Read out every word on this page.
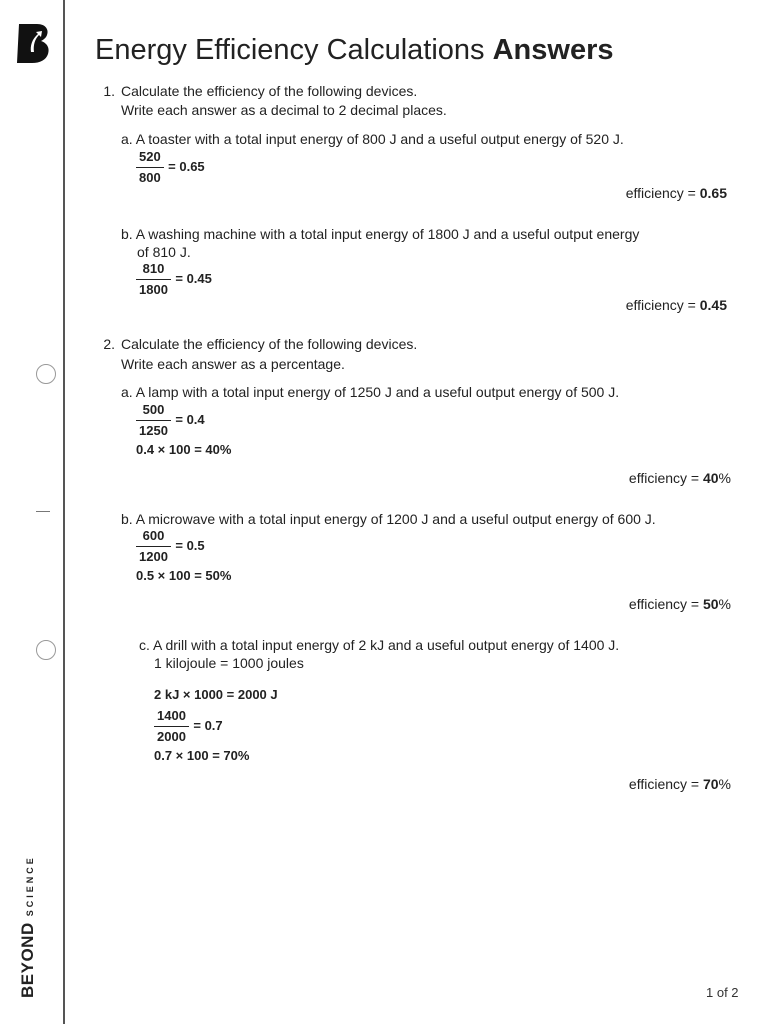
BEYONDSCIENCE
Energy Efficiency Calculations Answers
1. Calculate the efficiency of the following devices.
Write each answer as a decimal to 2 decimal places.
a. A toaster with a total input energy of 800 J and a useful output energy of 520 J.
$\frac{520}{800} ^{= 0.65}$
efficiency = 0.65
b. A washing machine with a total input energy of 1800 J and a useful output energy
of 810 J.
$\frac{810}{1800} ^{= 0.45}$
efficiency = 0.45
2. Calculate the efficiency of the following devices.
Write each answer as a percentage.
a. A lamp with a total input energy of 1250 J and a useful output energy of 500 J.
$\frac{500}{1250} ^{= 0.4}$
0.4 × 100 = 40%
efficiency = 40%
b. A microwave with a total input energy of 1200 J and a useful output energy of 600 J.
$\frac{600}{1200} ^{= 0.5}$
0.5 × 100 = 50%
efficiency = 50%
c. A drill with a total input energy of 2 kJ and a useful output energy of 1400 J.
1 kilojoule = 1000 joules
2 kJ × 1000 = 2000 J
$\frac{1400}{2000} ^{= 0.7}$
0.7 × 100 = 70%
efficiency = 70%
1 of 2
